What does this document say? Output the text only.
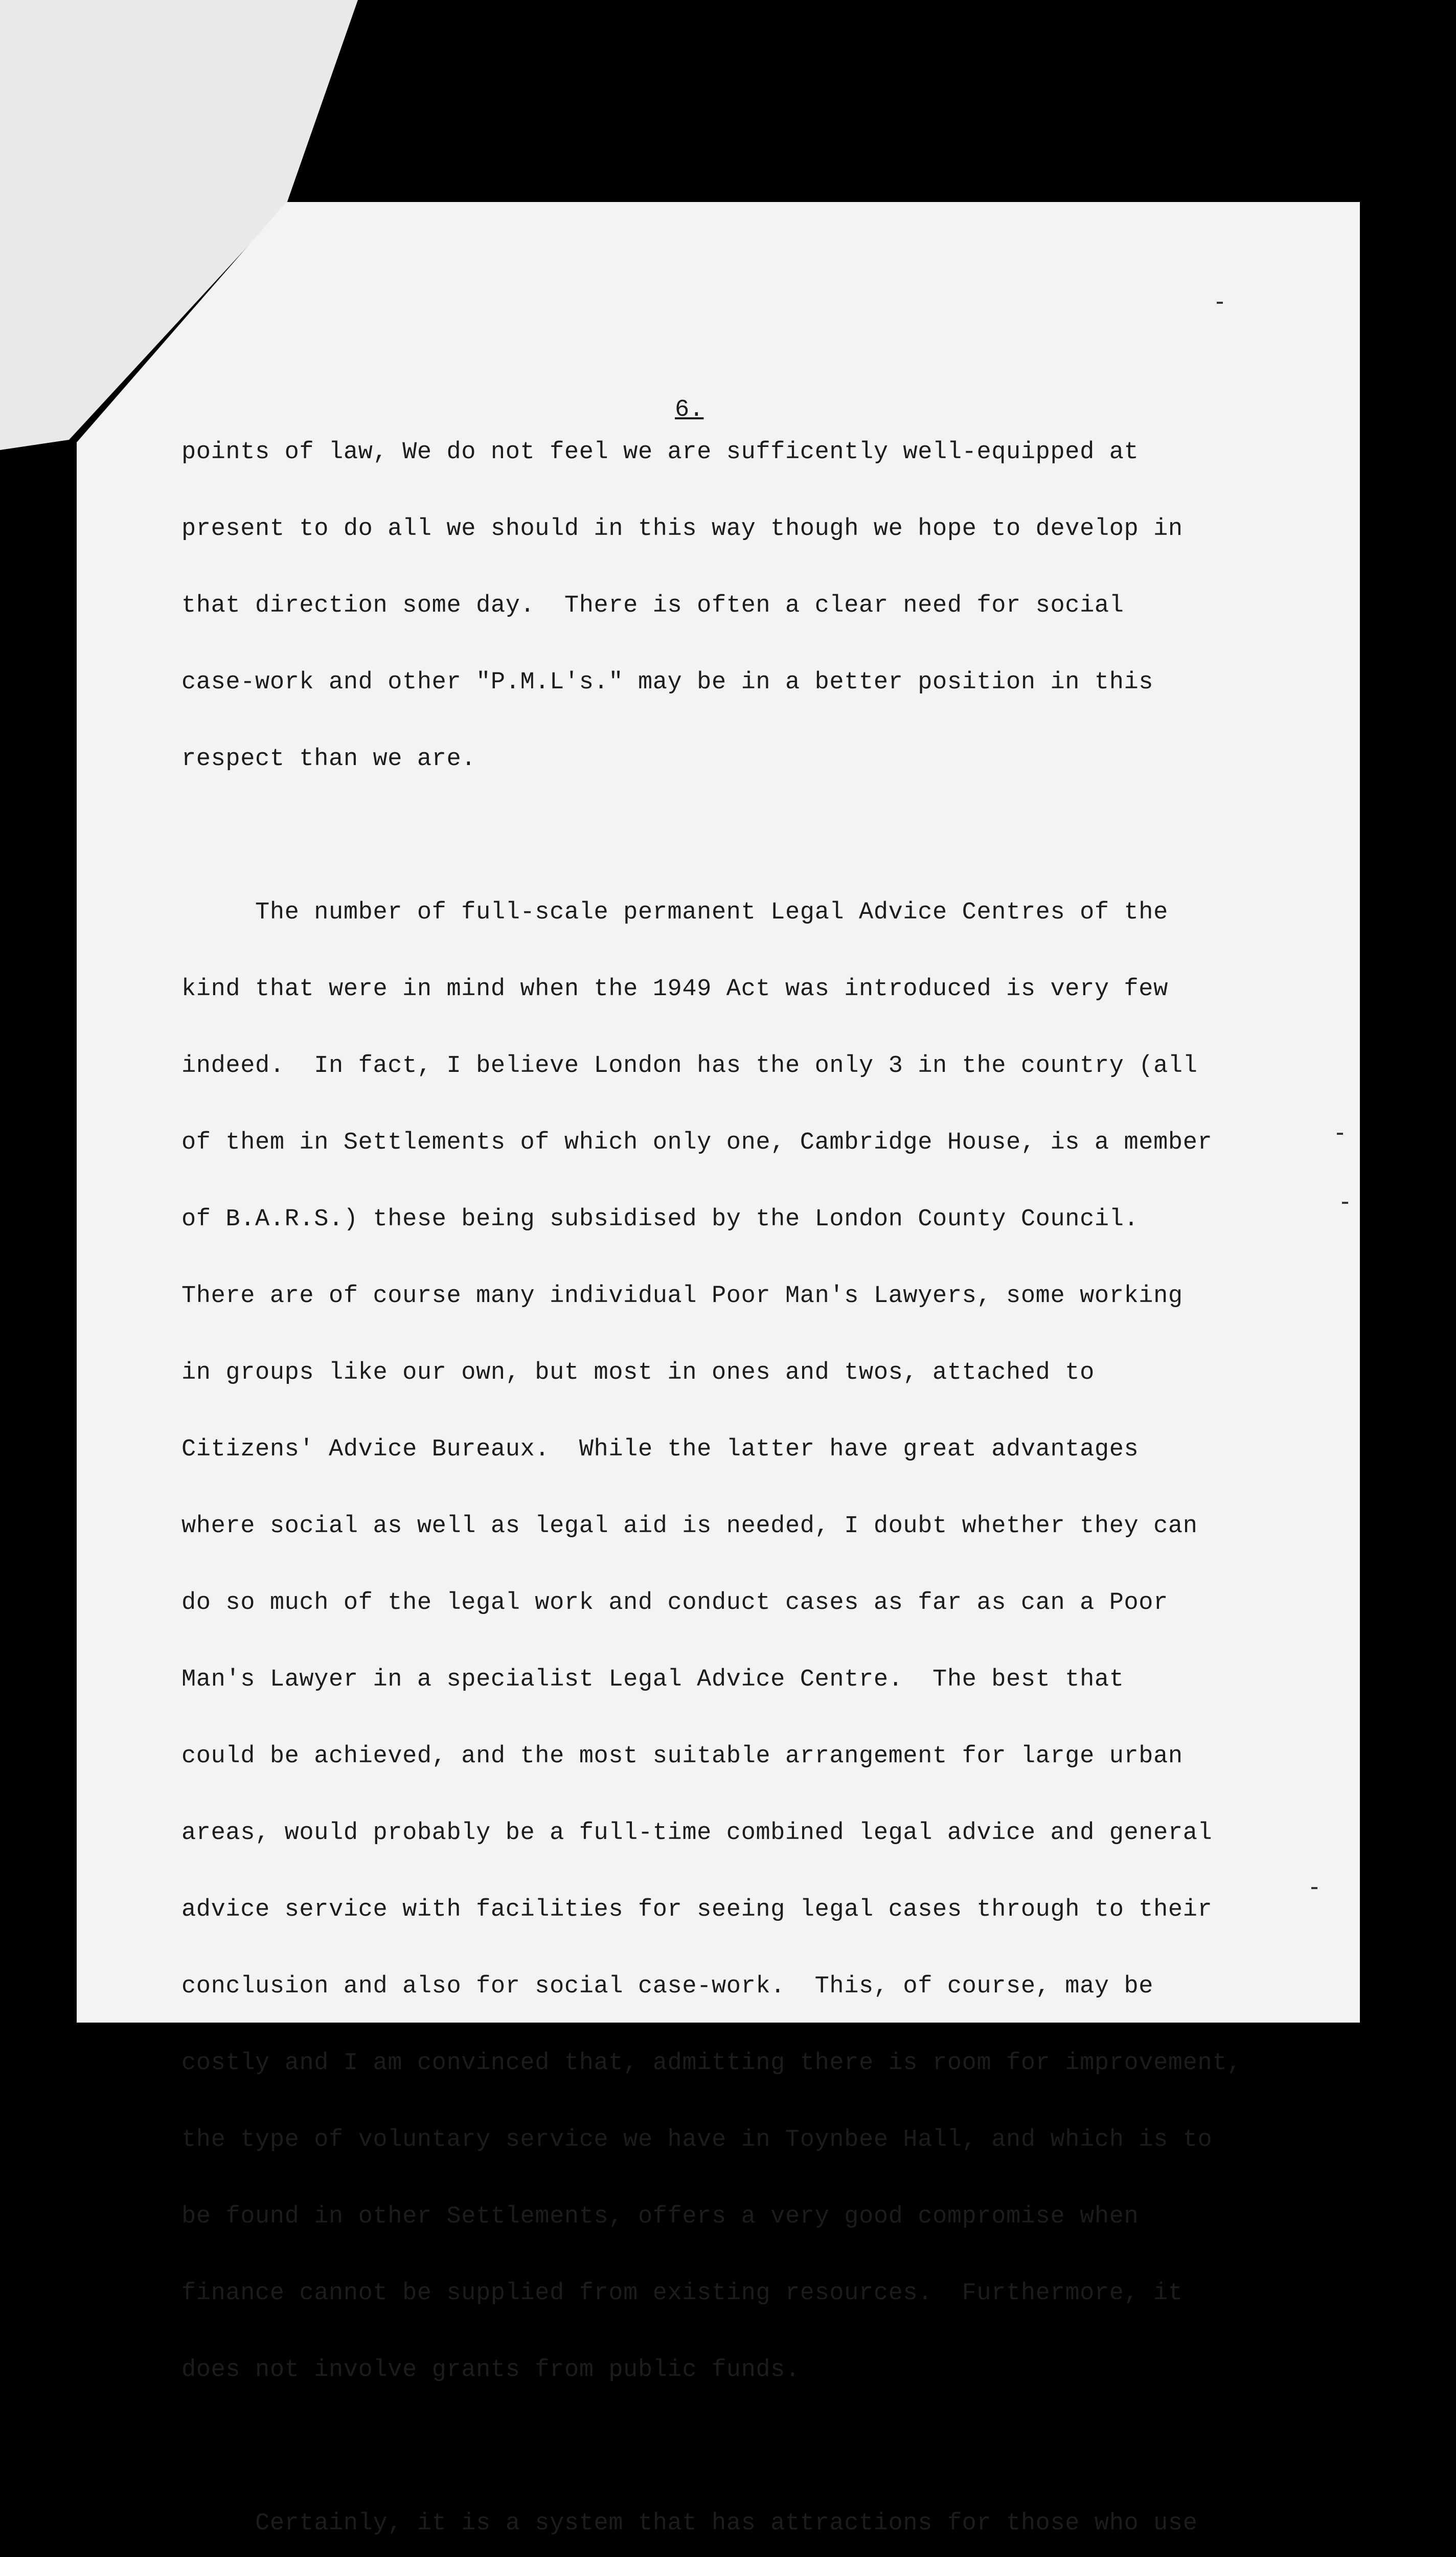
6.

points of law, We do not feel we are sufficently well-equipped at

present to do all we should in this way though we hope to develop in

that direction some day.  There is often a clear need for social

case-work and other "P.M.L's." may be in a better position in this

respect than we are.

The number of full-scale permanent Legal Advice Centres of the

kind that were in mind when the 1949 Act was introduced is very few

indeed.  In fact, I believe London has the only 3 in the country (all

of them in Settlements of which only one, Cambridge House, is a member

of B.A.R.S.) these being subsidised by the London County Council.

There are of course many individual Poor Man's Lawyers, some working

in groups like our own, but most in ones and twos, attached to

Citizens' Advice Bureaux.  While the latter have great advantages

where social as well as legal aid is needed, I doubt whether they can

do so much of the legal work and conduct cases as far as can a Poor

Man's Lawyer in a specialist Legal Advice Centre.  The best that

could be achieved, and the most suitable arrangement for large urban

areas, would probably be a full-time combined legal advice and general

advice service with facilities for seeing legal cases through to their

conclusion and also for social case-work.  This, of course, may be

costly and I am convinced that, admitting there is room for improvement,

the type of voluntary service we have in Toynbee Hall, and which is to

be found in other Settlements, offers a very good compromise when

finance cannot be supplied from existing resources.  Furthermore, it

does not involve grants from public funds.

Certainly, it is a system that has attractions for those who use
